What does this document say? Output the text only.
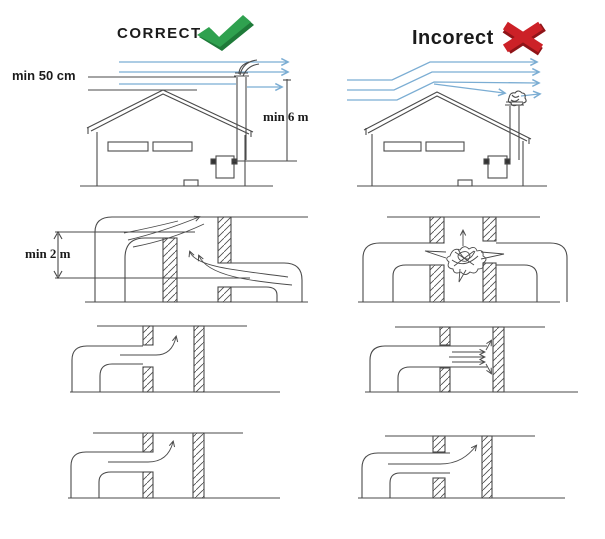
CORRECT	Incorect
min 50 cm
min 6 m
min 2 m
